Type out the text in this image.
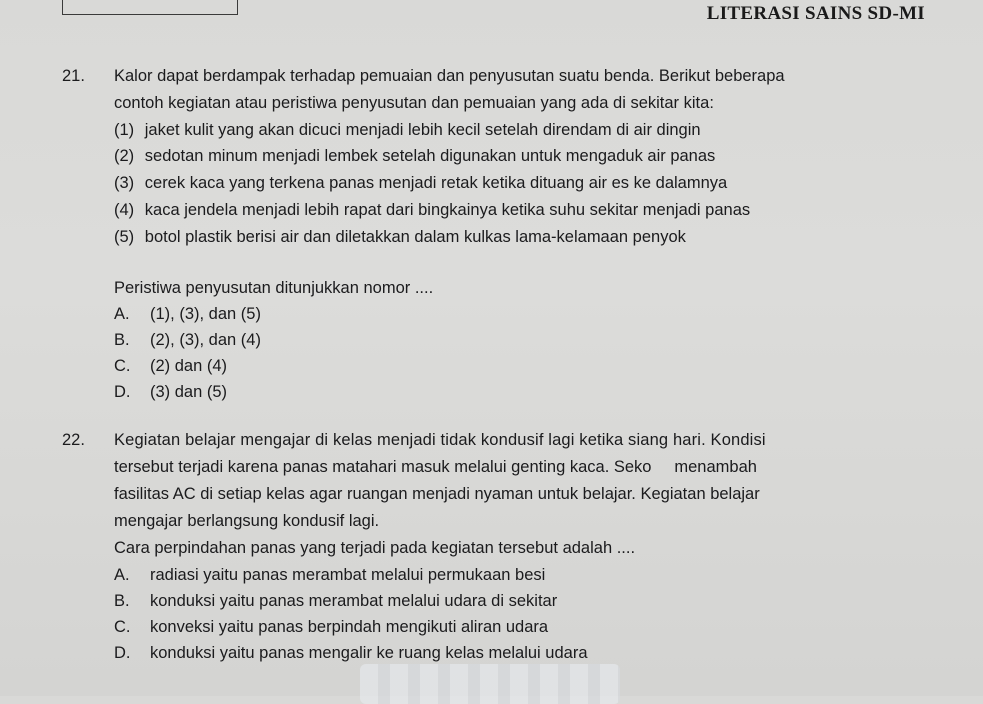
LITERASI SAINS SD-MI
21. Kalor dapat berdampak terhadap pemuaian dan penyusutan suatu benda. Berikut beberapa
contoh kegiatan atau peristiwa penyusutan dan pemuaian yang ada di sekitar kita:
(1) jaket kulit yang akan dicuci menjadi lebih kecil setelah direndam di air dingin
(2) sedotan minum menjadi lembek setelah digunakan untuk mengaduk air panas
(3) cerek kaca yang terkena panas menjadi retak ketika dituang air es ke dalamnya
(4) kaca jendela menjadi lebih rapat dari bingkainya ketika suhu sekitar menjadi panas
(5) botol plastik berisi air dan diletakkan dalam kulkas lama-kelamaan penyok
Peristiwa penyusutan ditunjukkan nomor ....
A. (1), (3), dan (5)
B. (2), (3), dan (4)
C. (2) dan (4)
D. (3) dan (5)
22. Kegiatan belajar mengajar di kelas menjadi tidak kondusif lagi ketika siang hari. Kondisi
tersebut terjadi karena panas matahari masuk melalui genting kaca. Seko     menambah
fasilitas AC di setiap kelas agar ruangan menjadi nyaman untuk belajar. Kegiatan belajar
mengajar berlangsung kondusif lagi.
Cara perpindahan panas yang terjadi pada kegiatan tersebut adalah ....
A. radiasi yaitu panas merambat melalui permukaan besi
B. konduksi yaitu panas merambat melalui udara di sekitar
C. konveksi yaitu panas berpindah mengikuti aliran udara
D. konduksi yaitu panas mengalir ke ruang kelas melalui udara
